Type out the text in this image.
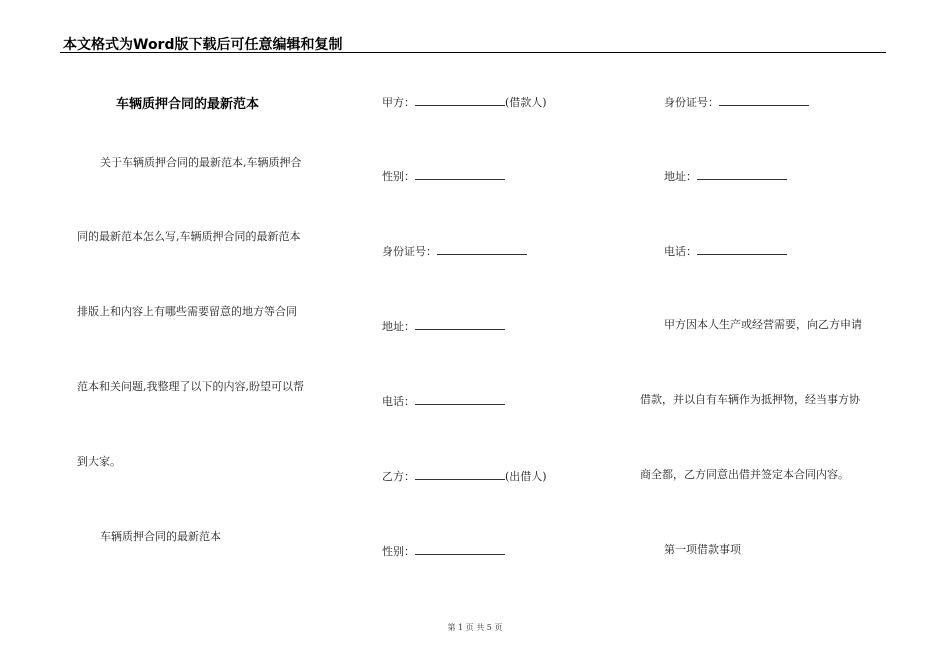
本文格式为Word版下载后可任意编辑和复制
车辆质押合同的最新范本
关于车辆质押合同的最新范本,车辆质押合
同的最新范本怎么写,车辆质押合同的最新范本
排版上和内容上有哪些需要留意的地方等合同
范本和关问题,我整理了以下的内容,盼望可以帮
到大家。
车辆质押合同的最新范本
甲方：	(借款人)
性别：
身份证号：
地址：
电话：
乙方：	(出借人)
性别：
身份证号：
地址：
电话：
甲方因本人生产或经营需要，向乙方申请
借款，并以自有车辆作为抵押物，经当事方协
商全都，乙方同意出借并签定本合同内容。
第一项借款事项
第 1 页 共 5 页
